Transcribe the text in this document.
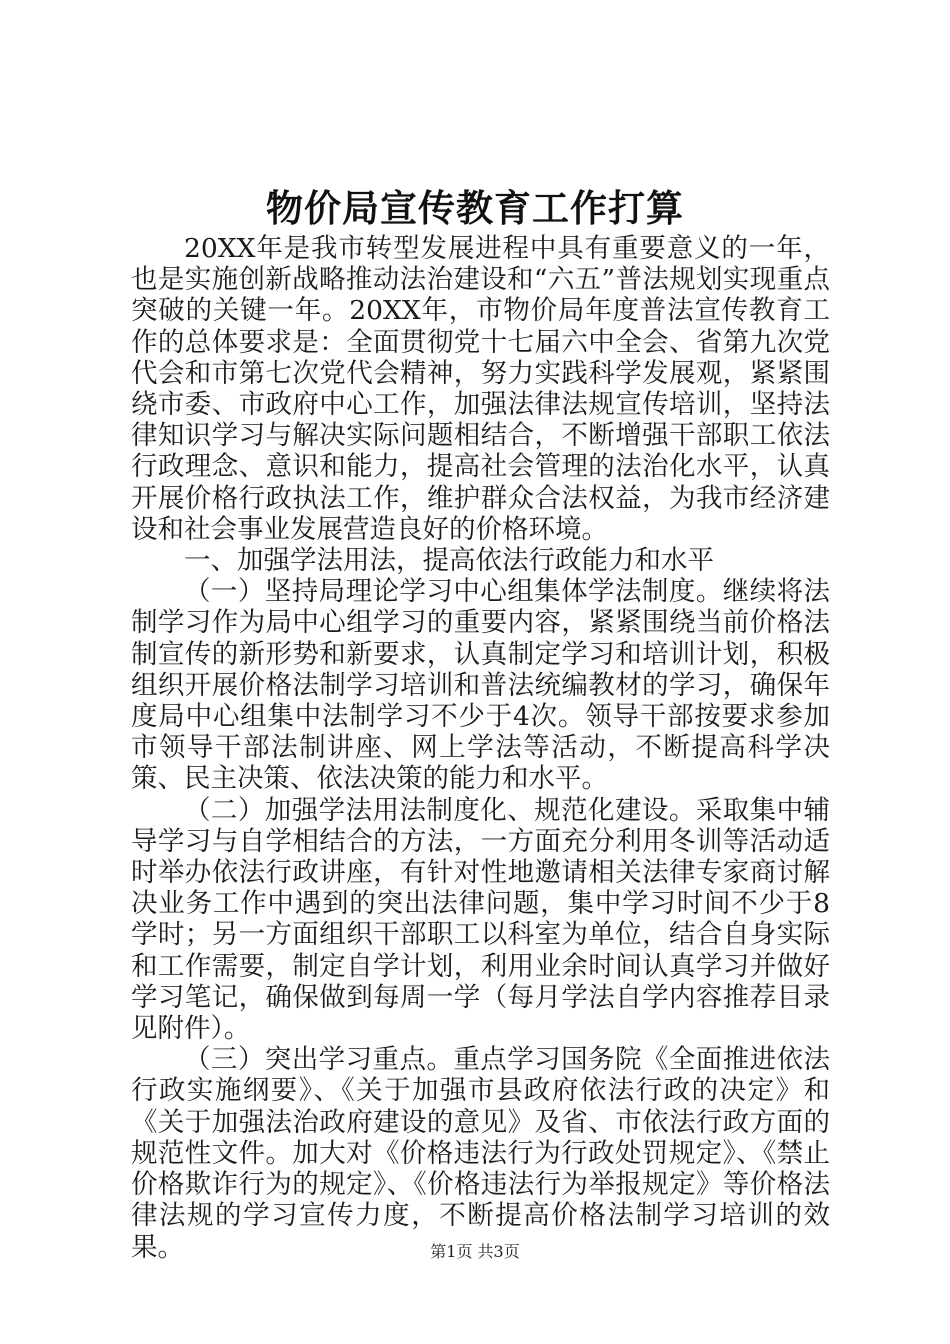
物价局宣传教育工作打算

20XX年是我市转型发展进程中具有重要意义的一年，也是实施创新战略推动法治建设和“六五”普法规划实现重点突破的关键一年。20XX年，市物价局年度普法宣传教育工作的总体要求是：全面贯彻党十七届六中全会、省第九次党代会和市第七次党代会精神，努力实践科学发展观，紧紧围绕市委、市政府中心工作，加强法律法规宣传培训，坚持法律知识学习与解决实际问题相结合，不断增强干部职工依法行政理念、意识和能力，提高社会管理的法治化水平，认真开展价格行政执法工作，维护群众合法权益，为我市经济建设和社会事业发展营造良好的价格环境。

一、加强学法用法，提高依法行政能力和水平

（一）坚持局理论学习中心组集体学法制度。继续将法制学习作为局中心组学习的重要内容，紧紧围绕当前价格法制宣传的新形势和新要求，认真制定学习和培训计划，积极组织开展价格法制学习培训和普法统编教材的学习，确保年度局中心组集中法制学习不少于4次。领导干部按要求参加市领导干部法制讲座、网上学法等活动，不断提高科学决策、民主决策、依法决策的能力和水平。

（二）加强学法用法制度化、规范化建设。采取集中辅导学习与自学相结合的方法，一方面充分利用冬训等活动适时举办依法行政讲座，有针对性地邀请相关法律专家商讨解决业务工作中遇到的突出法律问题，集中学习时间不少于8学时；另一方面组织干部职工以科室为单位，结合自身实际和工作需要，制定自学计划，利用业余时间认真学习并做好学习笔记，确保做到每周一学（每月学法自学内容推荐目录见附件）。

（三）突出学习重点。重点学习国务院《全面推进依法行政实施纲要》、《关于加强市县政府依法行政的决定》和《关于加强法治政府建设的意见》及省、市依法行政方面的规范性文件。加大对《价格违法行为行政处罚规定》、《禁止价格欺诈行为的规定》、《价格违法行为举报规定》等价格法律法规的学习宣传力度，不断提高价格法制学习培训的效果。	第1页 共3页
